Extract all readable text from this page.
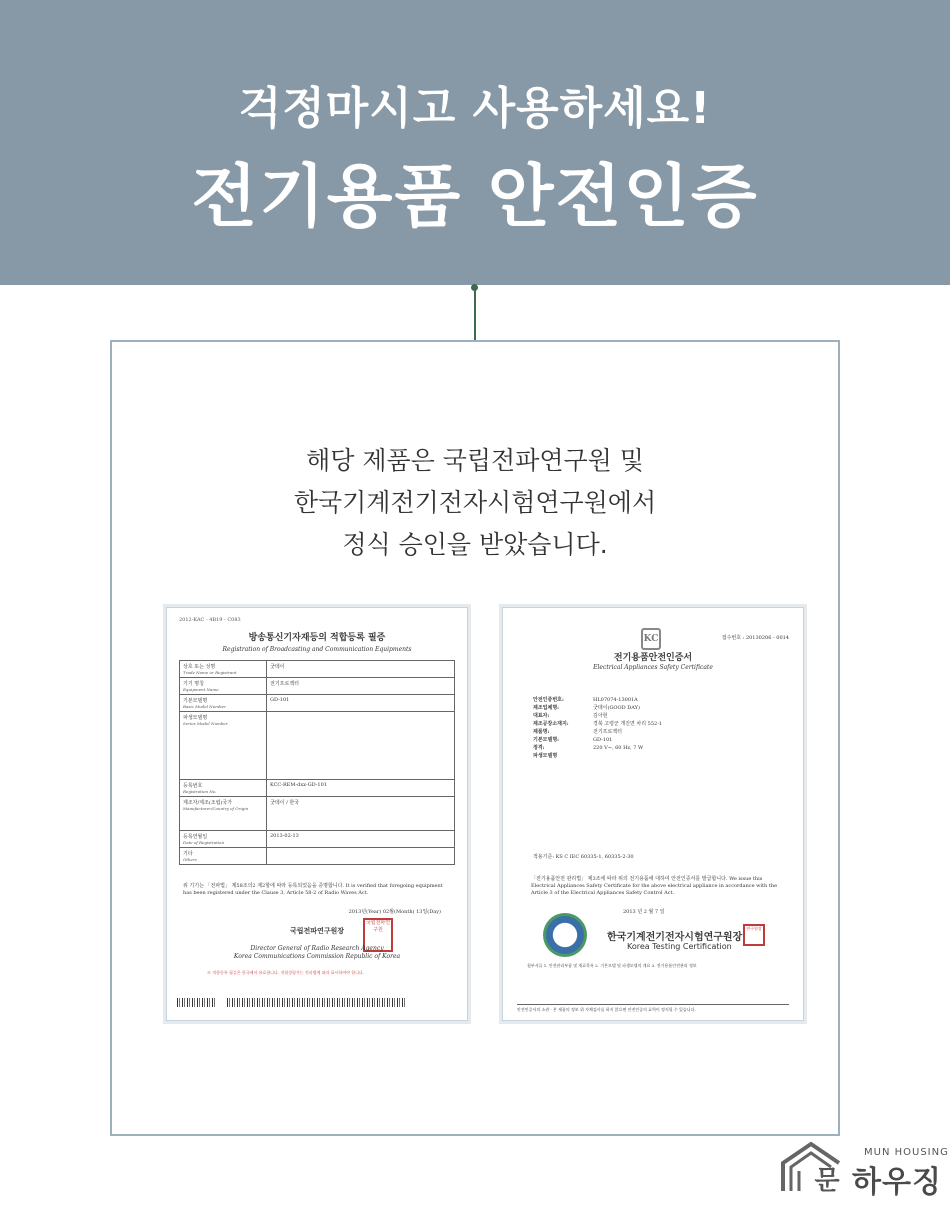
걱정마시고 사용하세요!
전기용품 안전인증
해당 제품은 국립전파연구원 및
한국기계전기전자시험연구원에서
정식 승인을 받았습니다.
2012-KAC - 4B19 - C083
방송통신기자재등의 적합등록 필증
Registration of Broadcasting and Communication Equipments
상호 또는 성명
Trade Name or Registrant	굿데이
기기 명칭
Equipment Name	전기프로젝터
기본모델명
Basic Model Number	GD-101
파생모델명
Series Model Number	

등록번호
Registration No.	KCC-REM-dxx-GD-101
제조자/제조(조립)국가
Manufacturer/Country of Origin	굿데이 / 한국
등록연월일
Date of Registration	2013-02-13
기타
Others	

위 기기는 「전파법」 제58조의2 제2항에 따라 등록되었음을 증명합니다. It is verified that foregoing equipment has been registered under the Clause 3, Article 58-2 of Radio Waves Act.
2013년(Year) 02월(Month) 13일(Day)
국립전파연구원장
국립전파연구원
Director General of Radio Research Agency
Korea Communications Commission Republic of Korea
※ 적합등록 필증은 한국에서 유효합니다. 적합성평가는 전파법에 따라 표시하여야 합니다.
KC	접수번호 : 20130206 - 0014
전기용품안전인증서
Electrical Appliances Safety Certificate
안전인증번호:	HL07074-13001A
제조업체명:	굿데이(GOOD DAY)
대표자:	김아현
제조공장소재지:	경북 고령군 개진면 차리 552-1
제품명:	전기프로젝터
기본모델명:	GD-101
정격:	220 V~, 60 Hz, 7 W
파생모델명
적용기준: KS C IEC 60335-1, 60335-2-30
「전기용품안전 관리법」 제3조에 따라 위의 전기용품에 대하여 안전인증서를 발급합니다. We issue this Electrical Appliances Safety Certificate for the above electrical appliance in accordance with the Article 3 of the Electrical Appliances Safety Control Act.
2013 년 2 월 7 일
한국기계전기전자시험연구원장
Korea Testing Certification
연구원장
첨부서류 1. 안전관리부품 및 재료목록 2. 기본모델 및 파생모델의 개요 3. 전기용품안전관리 정보
안전인증서의 소관 · 본 제품의 정보 위 자체검사를 하지 않으면 안전인증의 효력이 정지될 수 있습니다.
문
MUN HOUSING
하우징
